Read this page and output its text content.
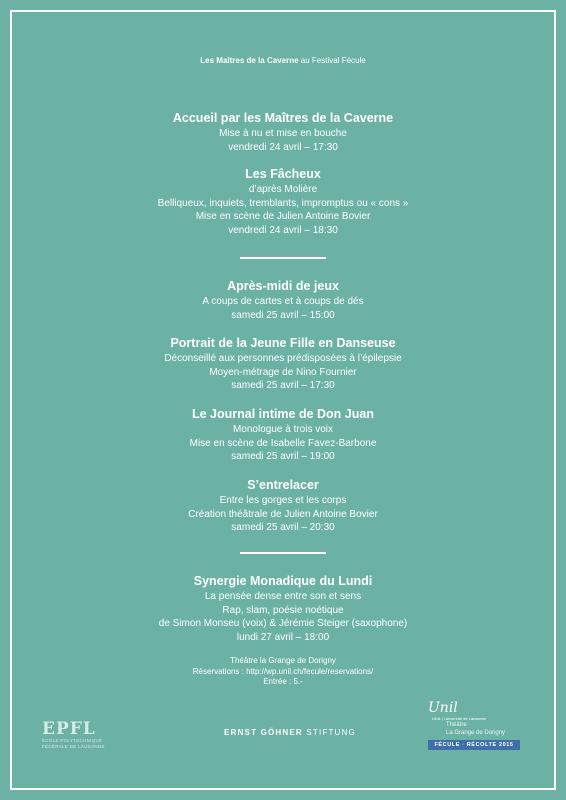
Les Maîtres de la Caverne au Festival Fécule
Accueil par les Maîtres de la Caverne
Mise à nu et mise en bouche
vendredi 24 avril – 17:30
Les Fâcheux
d’après Molière
Belliqueux, inquiets, tremblants, impromptus ou « cons »
Mise en scène de Julien Antoine Bovier
vendredi 24 avril – 18:30
Après-midi de jeux
A coups de cartes et à coups de dés
samedi 25 avril – 15:00
Portrait de la Jeune Fille en Danseuse
Déconseillé aux personnes prédisposées à l’épilepsie
Moyen-métrage de Nino Fournier
samedi 25 avril – 17:30
Le Journal intime de Don Juan
Monologue à trois voix
Mise en scène de Isabelle Favez-Barbone
samedi 25 avril – 19:00
S’entrelacer
Entre les gorges et les corps
Création théâtrale de Julien Antoine Bovier
samedi 25 avril – 20:30
Synergie Monadique du Lundi
La pensée dense entre son et sens
Rap, slam, poésie noétique
de Simon Monseu (voix) & Jérémie Steiger (saxophone)
lundi 27 avril – 18:00
Théâtre la Grange de Dorigny
Réservations : http://wp.unil.ch/fecule/reservations/
Entrée : 5.-
EPFL
ÉCOLE POLYTECHNIQUE
FÉDÉRALE DE LAUSANNE
ERNST GÖHNER STIFTUNG
Unil
UNIL | Université de Lausanne
Théâtre
La Grange de Dorigny
FÉCULE · RÉCOLTE 2015
